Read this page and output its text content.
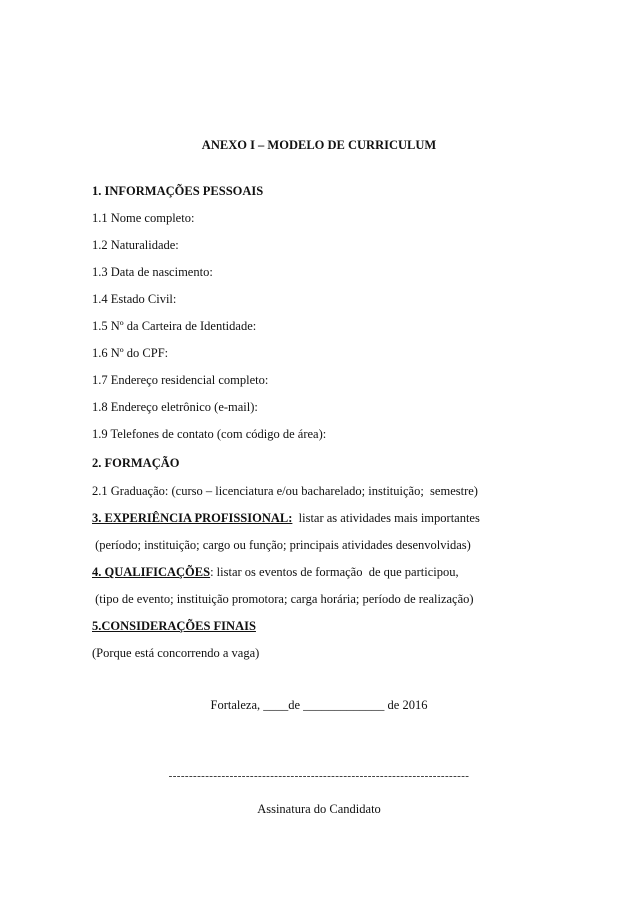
ANEXO I – MODELO DE CURRICULUM
1. INFORMAÇÕES PESSOAIS
1.1 Nome completo:
1.2 Naturalidade:
1.3 Data de nascimento:
1.4 Estado Civil:
1.5 Nº da Carteira de Identidade:
1.6 Nº do CPF:
1.7 Endereço residencial completo:
1.8 Endereço eletrônico (e-mail):
1.9 Telefones de contato (com código de área):
2. FORMAÇÃO
2.1 Graduação: (curso – licenciatura e/ou bacharelado; instituição;  semestre)
3. EXPERIÊNCIA PROFISSIONAL:  listar as atividades mais importantes
(período; instituição; cargo ou função; principais atividades desenvolvidas)
4. QUALIFICAÇÕES: listar os eventos de formação  de que participou,
(tipo de evento; instituição promotora; carga horária; período de realização)
5.CONSIDERAÇÕES FINAIS
(Porque está concorrendo a vaga)
Fortaleza, ____de _____________ de 2016
--------------------------------------------------------------------------
Assinatura do Candidato
